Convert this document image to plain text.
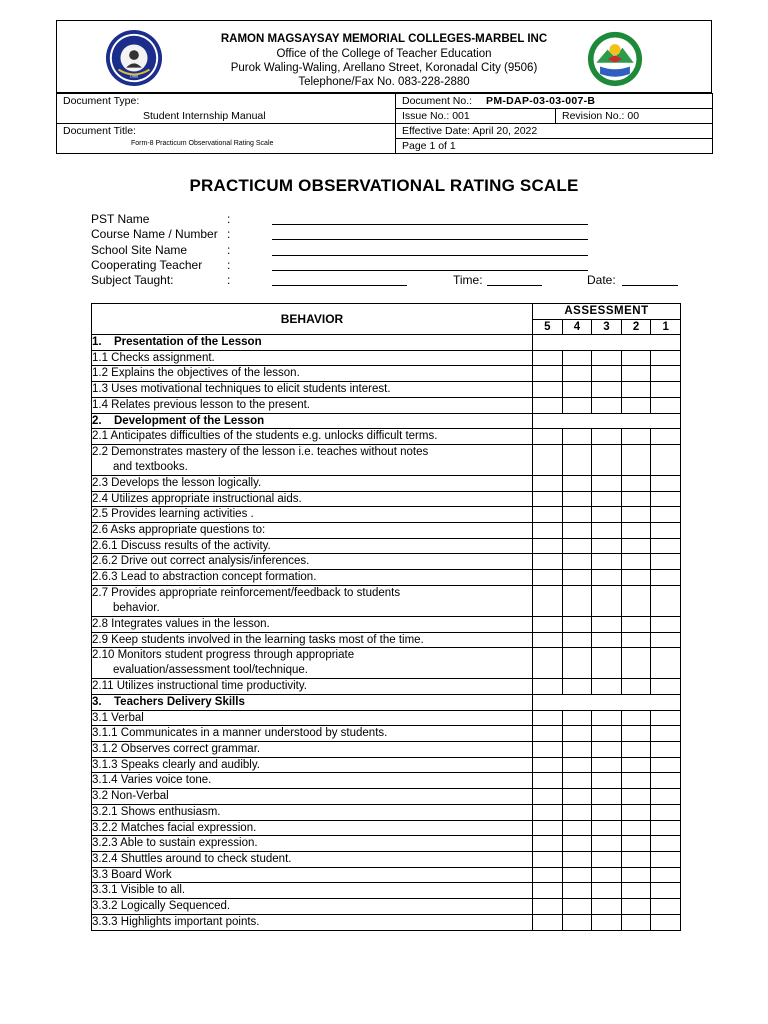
1966
RAMON MAGSAYSAY MEMORIAL COLLEGES-MARBEL INC
Office of the College of Teacher Education
Purok Waling-Waling, Arellano Street, Koronadal City (9506)
Telephone/Fax No. 083-228-2880
Document Type:	Document No.: PM-DAP-03-03-007-B	

Student Internship Manual	Issue No.: 001	Revision No.: 00
Document Title:	Effective Date: April 20, 2022	

Form-8 Practicum Observational Rating Scale	Page 1 of 1	
PRACTICUM OBSERVATIONAL RATING SCALE
PST Name	:
Course Name / Number :
School Site Name	:
Cooperating Teacher :
Subject Taught:	:	Time:	Date:
BEHAVIOR	ASSESSMENT				
	5	4	3	2	1
1. Presentation of the Lesson					
1.1 Checks assignment.					
1.2 Explains the objectives of the lesson.					
1.3 Uses motivational techniques to elicit students interest.					
1.4 Relates previous lesson to the present.					
2. Development of the Lesson					
2.1 Anticipates difficulties of the students e.g. unlocks difficult terms.					
2.2 Demonstrates mastery of the lesson i.e. teaches without notes
and textbooks.					

2.3 Develops the lesson logically.					
2.4 Utilizes appropriate instructional aids.					
2.5 Provides learning activities .					
2.6 Asks appropriate questions to:					
2.6.1 Discuss results of the activity.					
2.6.2 Drive out correct analysis/inferences.					
2.6.3 Lead to abstraction concept formation.					
2.7 Provides appropriate reinforcement/feedback to students
behavior.					

2.8 Integrates values in the lesson.					
2.9 Keep students involved in the learning tasks most of the time.					
2.10 Monitors student progress through appropriate
evaluation/assessment tool/technique.					

2.11 Utilizes instructional time productivity.					
3. Teachers Delivery Skills					
3.1 Verbal					
3.1.1 Communicates in a manner understood by students.					
3.1.2 Observes correct grammar.					
3.1.3 Speaks clearly and audibly.					
3.1.4 Varies voice tone.					
3.2 Non-Verbal					
3.2.1 Shows enthusiasm.					
3.2.2 Matches facial expression.					
3.2.3 Able to sustain expression.					
3.2.4 Shuttles around to check student.					
3.3 Board Work					
3.3.1 Visible to all.					
3.3.2 Logically Sequenced.					
3.3.3 Highlights important points.					
